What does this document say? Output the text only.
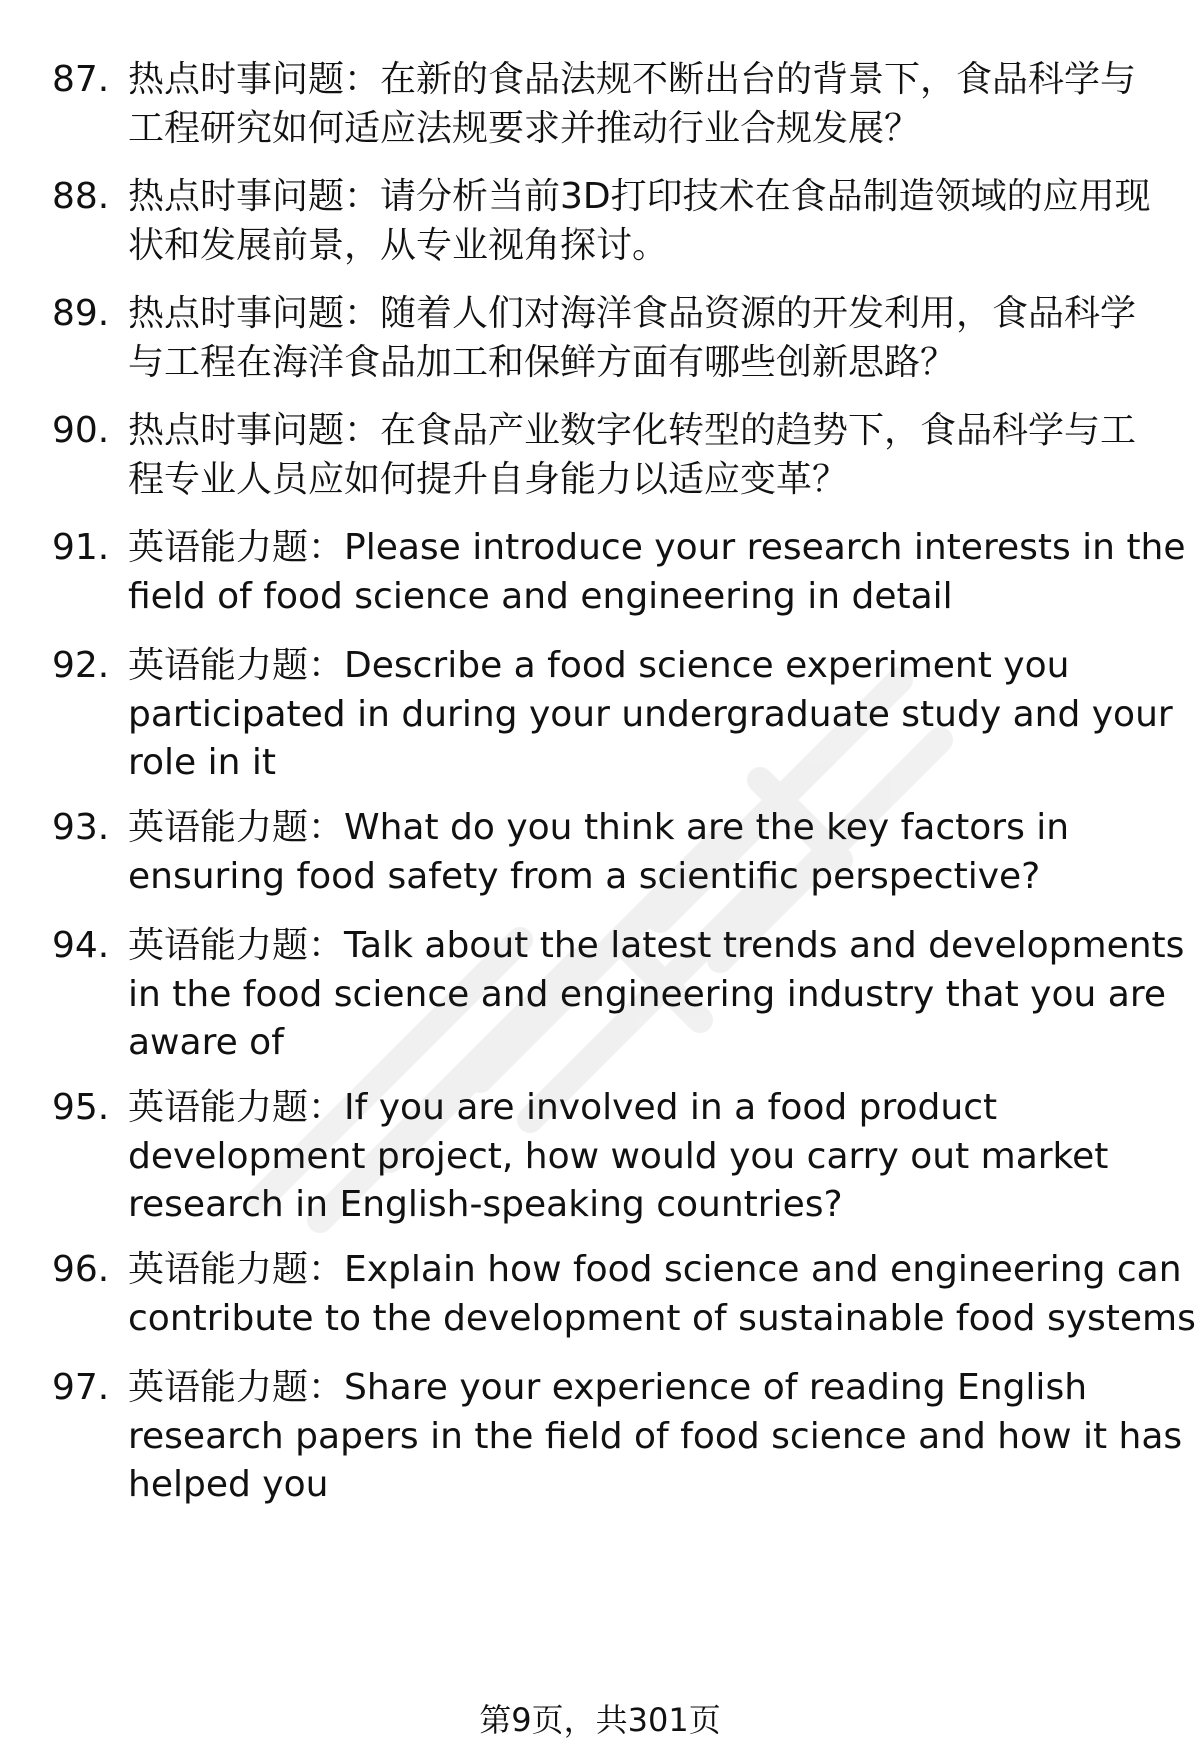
87. 热点时事问题：在新的食品法规不断出台的背景下，食品科学与
工程研究如何适应法规要求并推动行业合规发展？
88. 热点时事问题：请分析当前3D打印技术在食品制造领域的应用现
状和发展前景，从专业视角探讨。
89. 热点时事问题：随着人们对海洋食品资源的开发利用，食品科学
与工程在海洋食品加工和保鲜方面有哪些创新思路？
90. 热点时事问题：在食品产业数字化转型的趋势下，食品科学与工
程专业人员应如何提升自身能力以适应变革？
91. 英语能力题：Please introduce your research interests in the
field of food science and engineering in detail
92. 英语能力题：Describe a food science experiment you
participated in during your undergraduate study and your
role in it
93. 英语能力题：What do you think are the key factors in
ensuring food safety from a scientific perspective?
94. 英语能力题：Talk about the latest trends and developments
in the food science and engineering industry that you are
aware of
95. 英语能力题：If you are involved in a food product
development project, how would you carry out market
research in English-speaking countries?
96. 英语能力题：Explain how food science and engineering can
contribute to the development of sustainable food systems
97. 英语能力题：Share your experience of reading English
research papers in the field of food science and how it has
helped you
第9页，共301页
